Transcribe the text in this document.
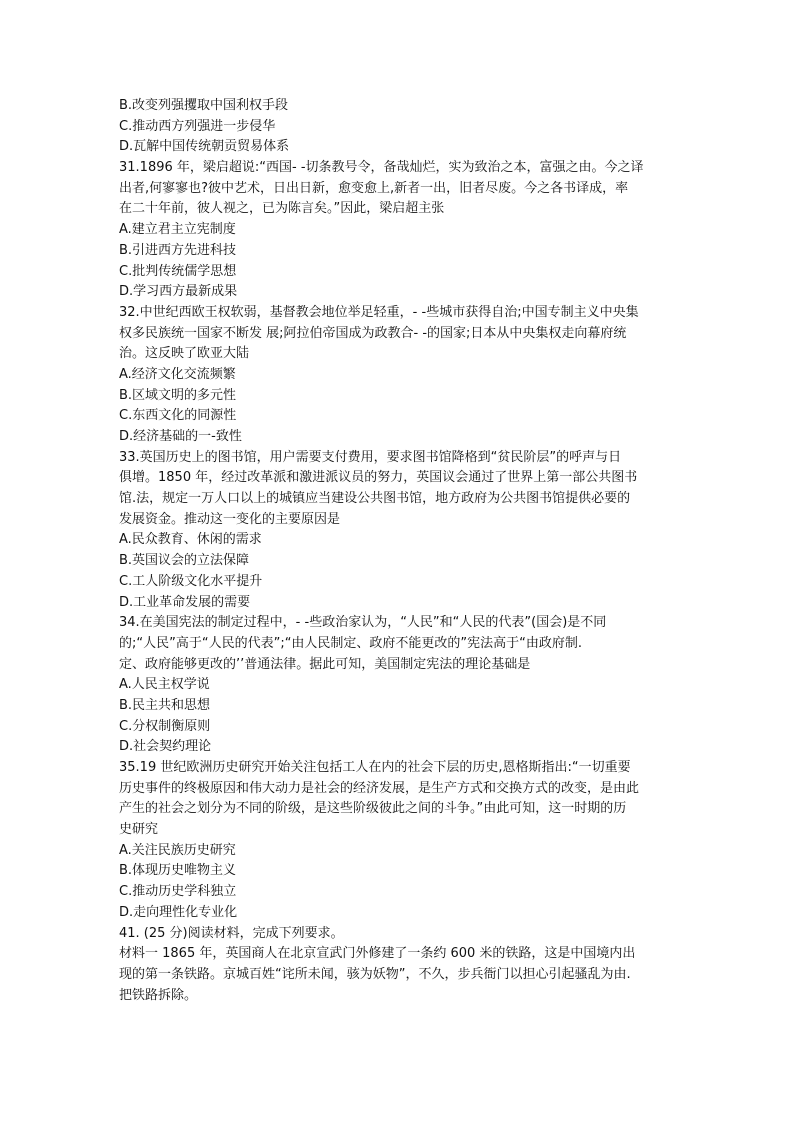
B.改变列强攫取中国利权手段
C.推动西方列强进一步侵华
D.瓦解中国传统朝贡贸易体系
31.1896 年，梁启超说:“西国- -切条教号令，备哉灿烂，实为致治之本，富强之由。今之译
出者,何寥寥也?彼中艺术，日出日新，愈变愈上,新者一出，旧者尽废。今之各书译成，率
在二十年前，彼人视之，已为陈言矣。”因此，梁启超主张
A.建立君主立宪制度
B.引进西方先进科技
C.批判传统儒学思想
D.学习西方最新成果
32.中世纪西欧王权软弱，基督教会地位举足轻重，- -些城市获得自治;中国专制主义中央集
权多民族统一国家不断发 展;阿拉伯帝国成为政教合- -的国家;日本从中央集权走向幕府统
治。这反映了欧亚大陆
A.经济文化交流频繁
B.区域文明的多元性
C.东西文化的同源性
D.经济基础的一-致性
33.英国历史上的图书馆，用户需要支付费用，要求图书馆降格到“贫民阶层”的呼声与日
俱增。1850 年，经过改革派和激进派议员的努力，英国议会通过了世界上第一部公共图书
馆.法，规定一万人口以上的城镇应当建设公共图书馆，地方政府为公共图书馆提供必要的
发展资金。推动这一变化的主要原因是
A.民众教育、休闲的需求
B.英国议会的立法保障
C.工人阶级文化水平提升
D.工业革命发展的需要
34.在美国宪法的制定过程中，- -些政治家认为，“人民”和“人民的代表”(国会)是不同
的;“人民”高于“人民的代表”;“由人民制定、政府不能更改的”宪法高于“由政府制.
定、政府能够更改的’’普通法律。据此可知，美国制定宪法的理论基础是
A.人民主权学说
B.民主共和思想
C.分权制衡原则
D.社会契约理论
35.19 世纪欧洲历史研究开始关注包括工人在内的社会下层的历史,恩格斯指出:“一切重要
历史事件的终极原因和伟大动力是社会的经济发展，是生产方式和交换方式的改变，是由此
产生的社会之划分为不同的阶级，是这些阶级彼此之间的斗争。”由此可知，这一时期的历
史研究
A.关注民族历史研究
B.体现历史唯物主义
C.推动历史学科独立
D.走向理性化专业化
41. (25 分)阅读材料，完成下列要求。
材料一 1865 年，英国商人在北京宣武门外修建了一条约 600 米的铁路，这是中国境内出
现的第一条铁路。京城百姓“诧所未闻，骇为妖物”，不久，步兵衙门以担心引起骚乱为由.
把铁路拆除。
